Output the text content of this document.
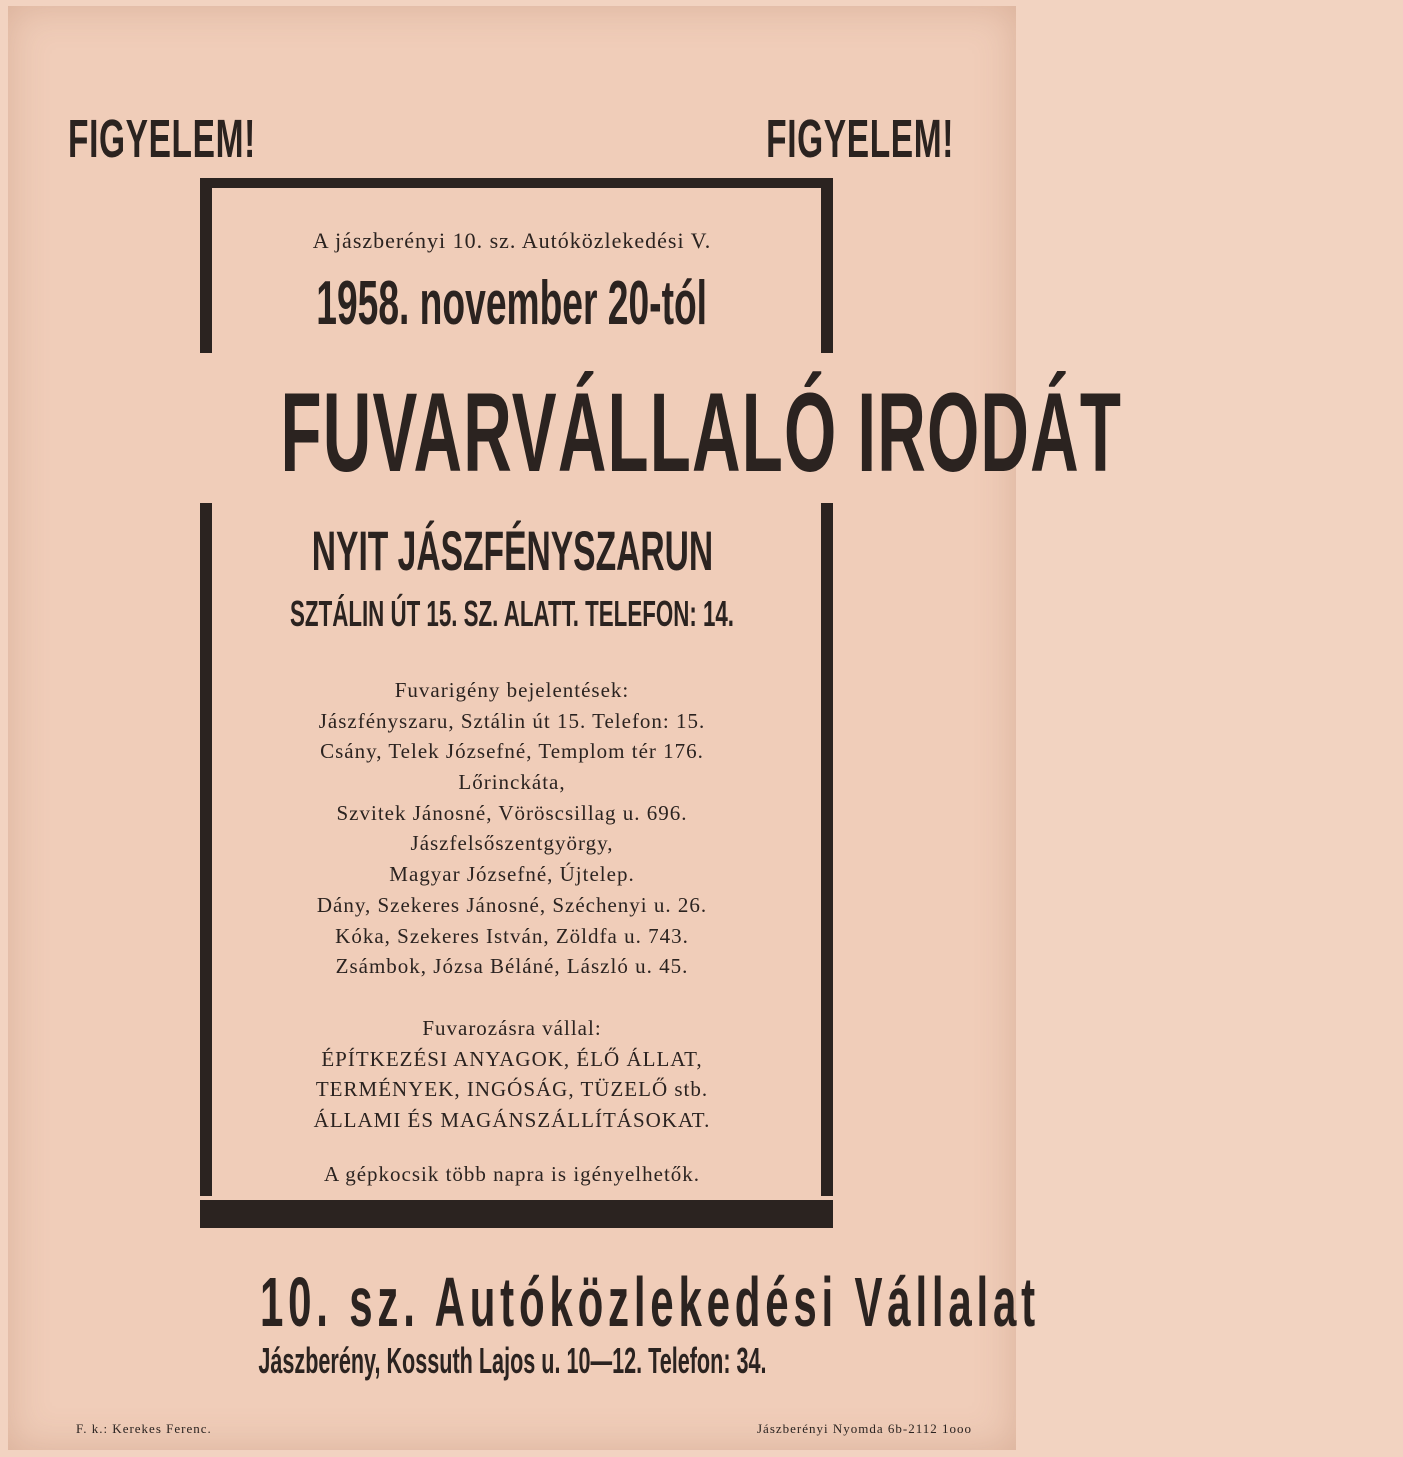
FIGYELEM!	FIGYELEM!
A jászberényi 10. sz. Autóközlekedési V.
1958. november 20-tól
FUVARVÁLLALÓ IRODÁT
NYIT JÁSZFÉNYSZARUN
SZTÁLIN ÚT 15. SZ. ALATT. TELEFON: 14.
Fuvarigény bejelentések:
Jászfényszaru, Sztálin út 15. Telefon: 15.
Csány, Telek Józsefné, Templom tér 176.
Lőrinckáta,
Szvitek Jánosné, Vöröscsillag u. 696.
Jászfelsőszentgyörgy,
Magyar Józsefné, Újtelep.
Dány, Szekeres Jánosné, Széchenyi u. 26.
Kóka, Szekeres István, Zöldfa u. 743.
Zsámbok, Józsa Béláné, László u. 45.
Fuvarozásra vállal:
ÉPÍTKEZÉSI ANYAGOK, ÉLŐ ÁLLAT,
TERMÉNYEK, INGÓSÁG, TÜZELŐ stb.
ÁLLAMI ÉS MAGÁNSZÁLLÍTÁSOKAT.
A gépkocsik több napra is igényelhetők.
10. sz. Autóközlekedési Vállalat
Jászberény, Kossuth Lajos u. 10—12. Telefon: 34.
F. k.: Kerekes Ferenc.	Jászberényi Nyomda 6b-2112 1ooo
